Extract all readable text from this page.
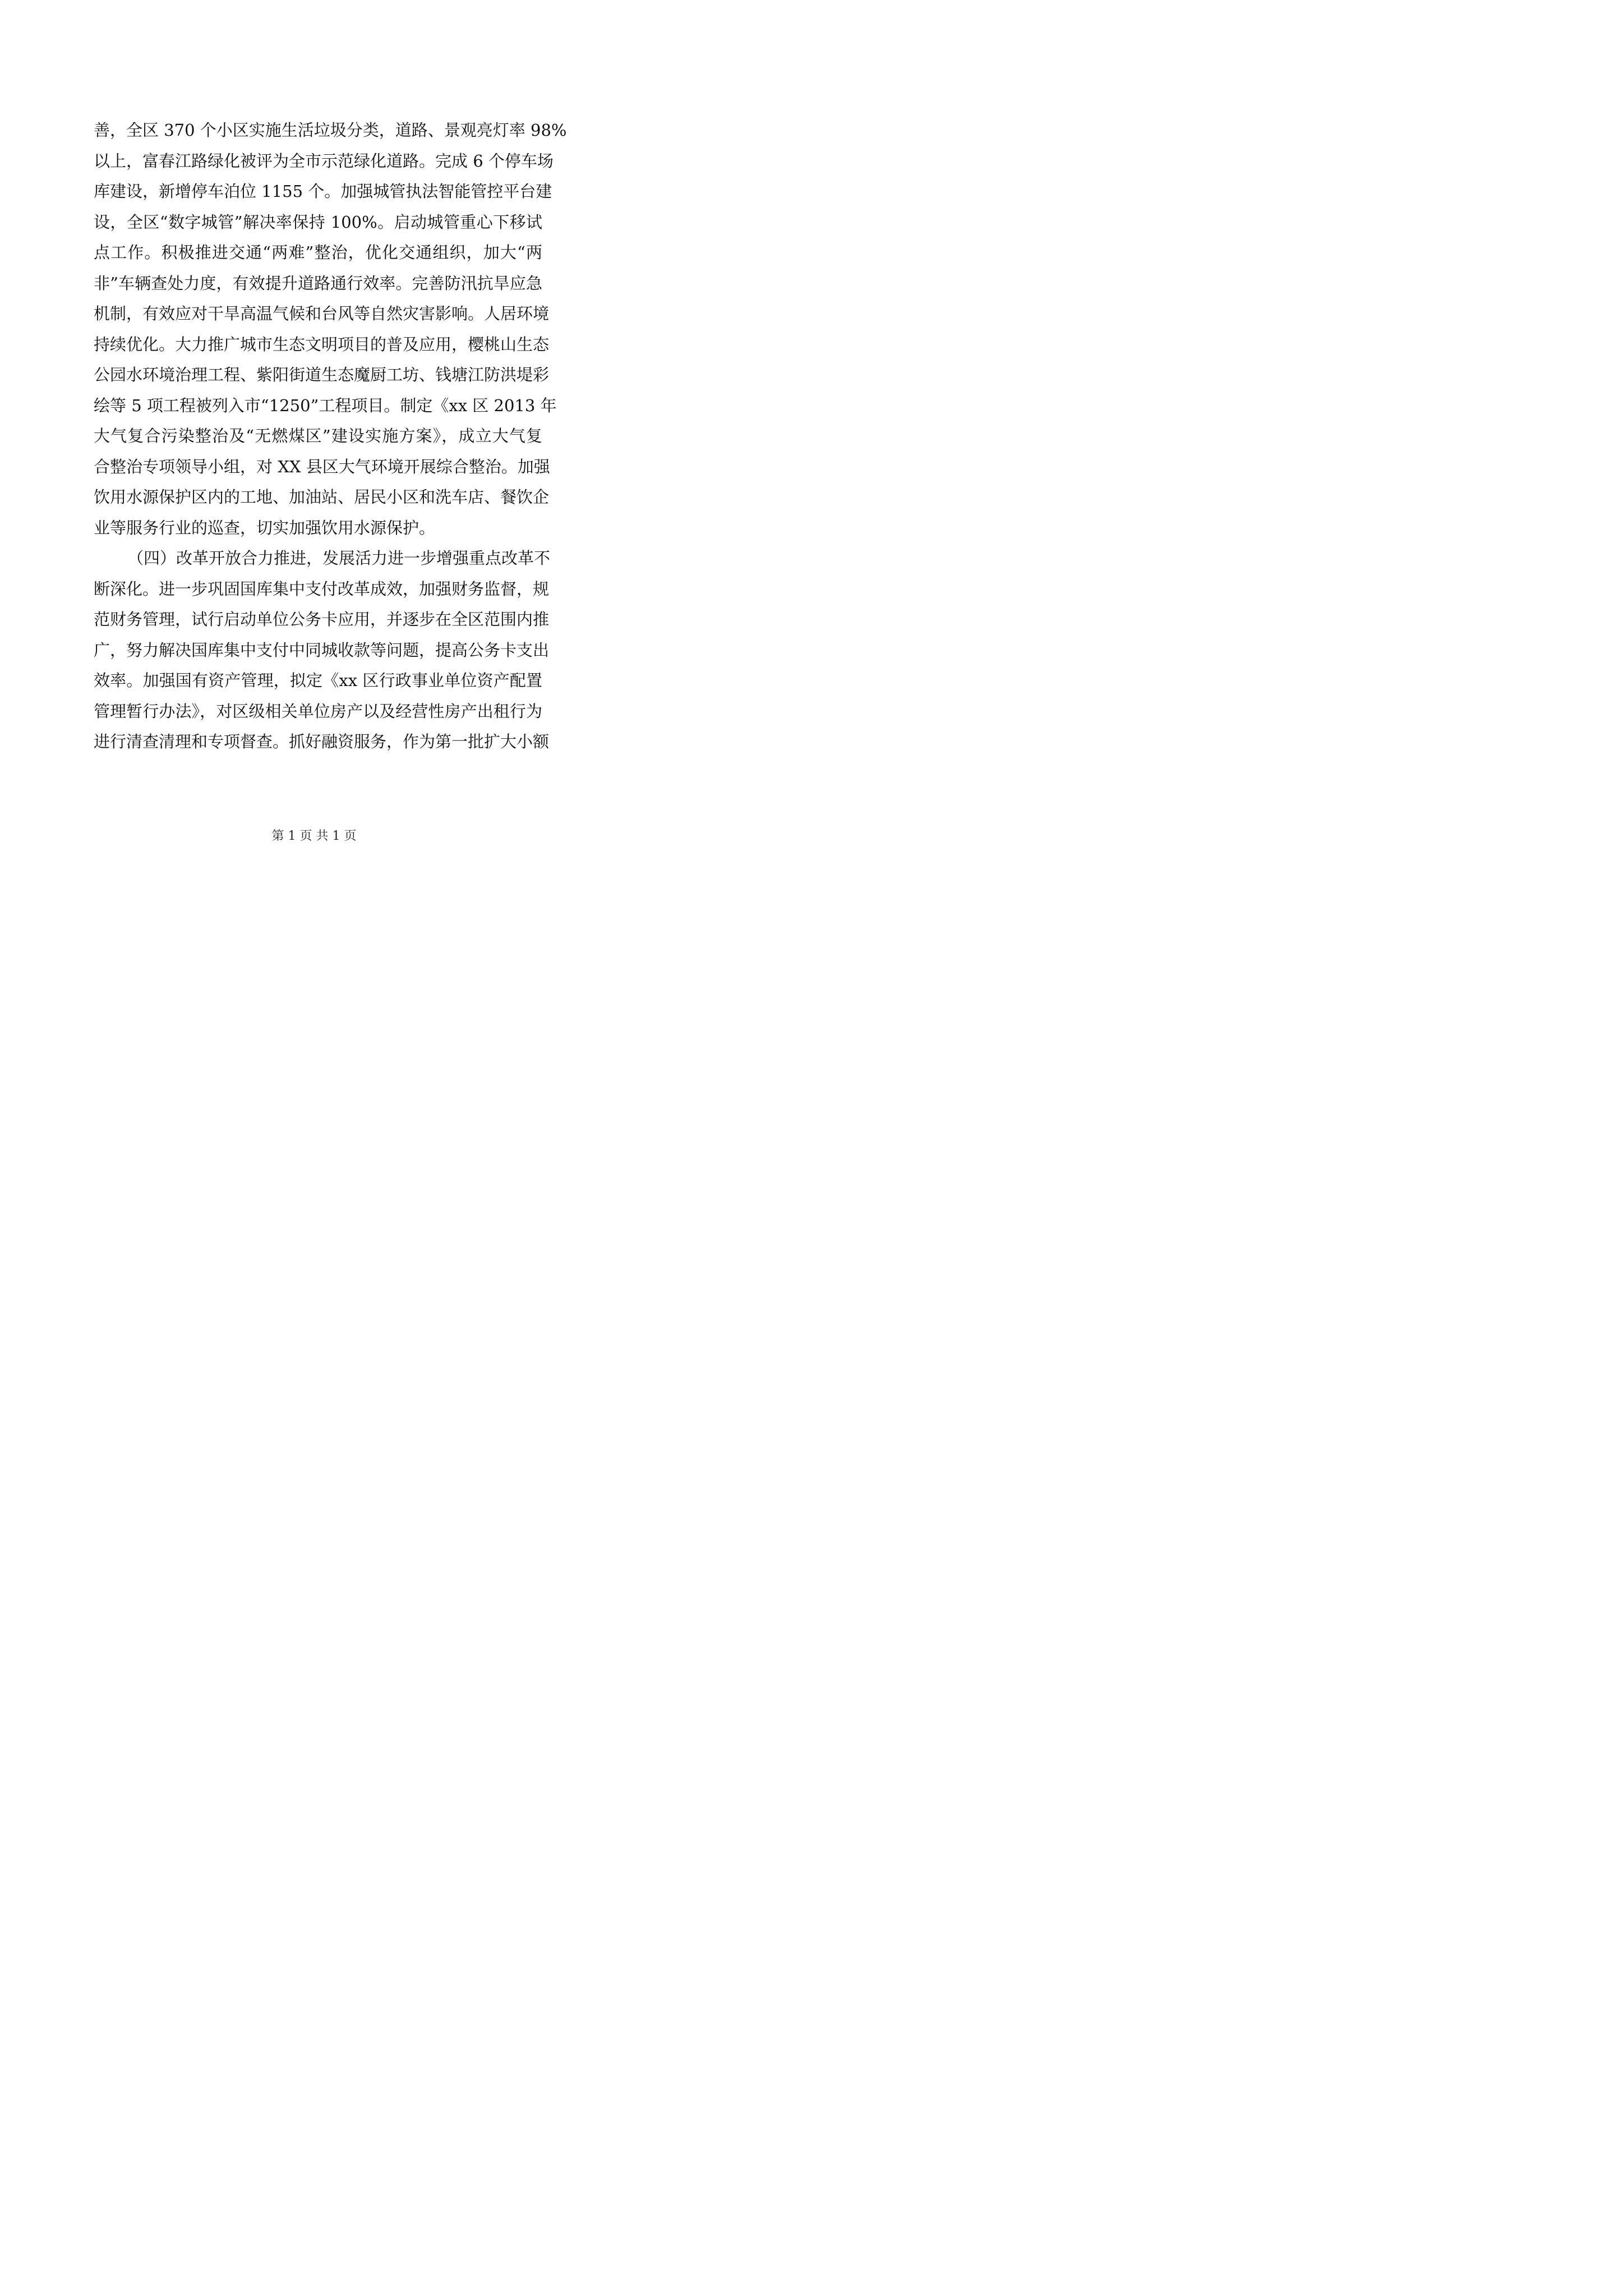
善，全区 370 个小区实施生活垃圾分类，道路、景观亮灯率 98%
以上，富春江路绿化被评为全市示范绿化道路。完成 6 个停车场
库建设，新增停车泊位 1155 个。加强城管执法智能管控平台建
设，全区“数字城管”解决率保持 100%。启动城管重心下移试
点工作。积极推进交通“两难”整治，优化交通组织，加大“两
非”车辆查处力度，有效提升道路通行效率。完善防汛抗旱应急
机制，有效应对干旱高温气候和台风等自然灾害影响。人居环境
持续优化。大力推广城市生态文明项目的普及应用，樱桃山生态
公园水环境治理工程、紫阳街道生态魔厨工坊、钱塘江防洪堤彩
绘等 5 项工程被列入市“1250”工程项目。制定《xx 区 2013 年
大气复合污染整治及“无燃煤区”建设实施方案》，成立大气复
合整治专项领导小组，对 XX 县区大气环境开展综合整治。加强
饮用水源保护区内的工地、加油站、居民小区和洗车店、餐饮企
业等服务行业的巡查，切实加强饮用水源保护。
（四）改革开放合力推进，发展活力进一步增强重点改革不
断深化。进一步巩固国库集中支付改革成效，加强财务监督，规
范财务管理，试行启动单位公务卡应用，并逐步在全区范围内推
广，努力解决国库集中支付中同城收款等问题，提高公务卡支出
效率。加强国有资产管理，拟定《xx 区行政事业单位资产配置
管理暂行办法》，对区级相关单位房产以及经营性房产出租行为
进行清查清理和专项督查。抓好融资服务，作为第一批扩大小额
第 1 页 共 1 页
